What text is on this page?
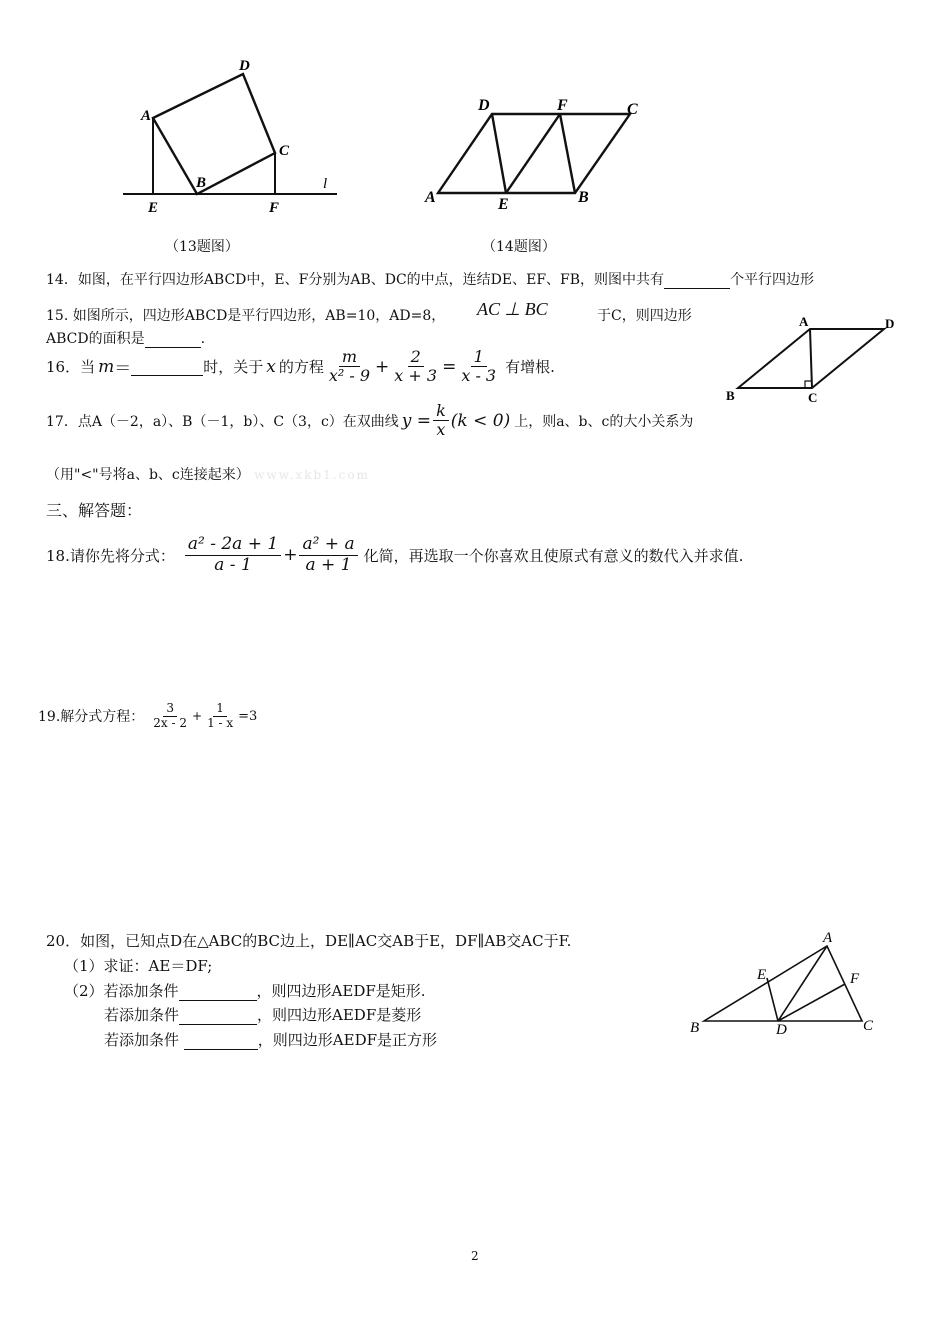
A
D
C
B
E	F
l
（13题图）
D	F	C
A	E	B
（14题图）
14．如图，在平行四边形ABCD中，E、F分别为AB、DC的中点，连结DE、EF、FB，则图中共有	个平行四边形
15. 如图所示，四边形ABCD是平行四边形，AB=10，AD=8， AC ⊥ BC	于C，则四边形
ABCD的面积是	.
A	D
B	C
16．当 m ＝
	时，关于 x 的方程 $\frac{m}{\text{x² - 9}} + \frac{2}{x + 3} = \frac{1}{x - 3}$ 有增根.
17．点A（－2，a）、B（－1，b）、C（3，c）在双曲线 $y = \frac{k}{x} (k < 0)$ 上，则a、b、c的大小关系为
（用"<"号将a、b、c连接起来） www.xkb1.com
三、解答题：
18.请你先将分式： $\frac{\text{a² - 2a + 1}}{a - 1} + \frac{\text{a² + a}}{a + 1}$ 化简，再选取一个你喜欢且使原式有意义的数代入并求值.
19.解分式方程： $\frac{3}{2x - 2} + \frac{1}{1 - x} =3$
20．如图，已知点D在△ABC的BC边上，DE∥AC交AB于E，DF∥AB交AC于F.
（1）求证：AE＝DF;
（2）若添加条件	，则四边形AEDF是矩形.
若添加条件	，则四边形AEDF是菱形
若添加条件	，则四边形AEDF是正方形
A
E	F
B	D	C
2
